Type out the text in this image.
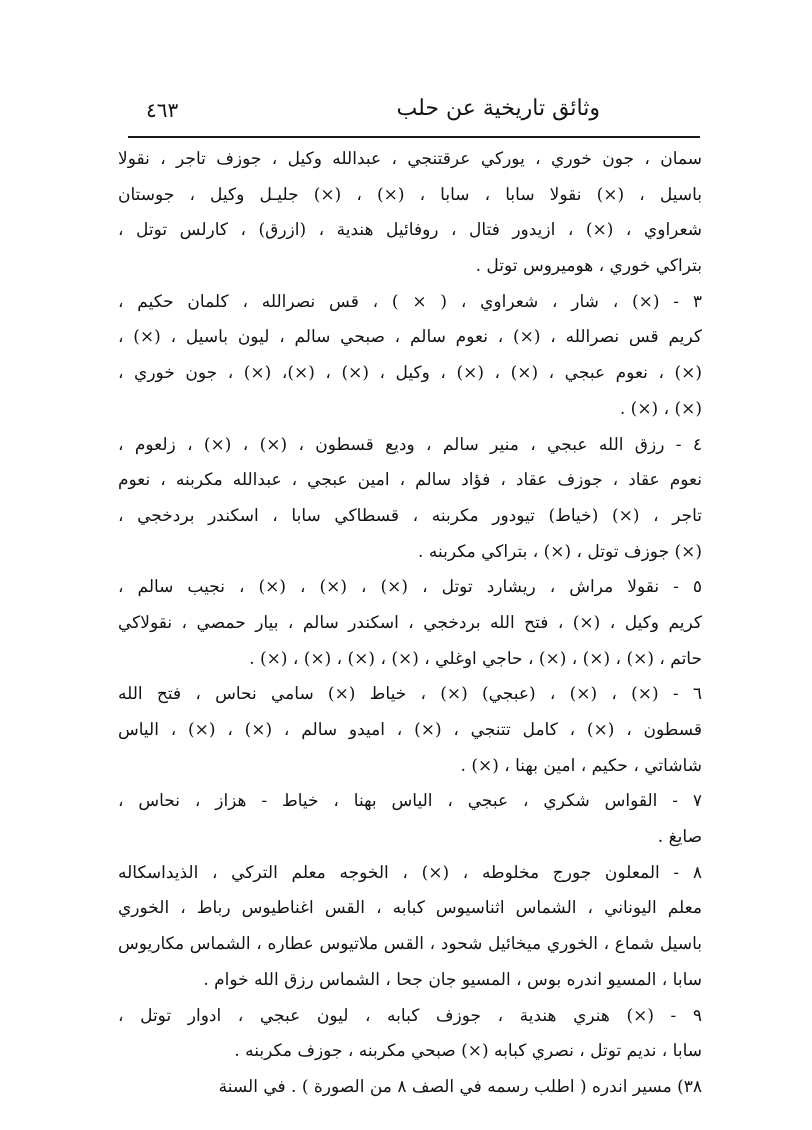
٤٦٣	وثائق تاريخية عن حلب
سمان ، جون خوري ، يوركي عرقتنجي ، عبدالله وكيل ، جوزف تاجر ، نقولا
باسيل ، (×) نقولا سابا ، سابا ، (×) ، (×) جليـل وكيل ، جوستان
شعراوي ، (×) ، ازيدور فتال ، روفائيل هندية ، (ازرق) ، كارلس توتل ،
بتراكي خوري ، هوميروس توتل .
٣ - (×) ، شار ، شعراوي ، ( × ) ، قس نصرالله ، كلمان حكيم ،
كريم قس نصرالله ، (×) ، نعوم سالم ، صبحي سالم ، ليون باسيل ، (×) ،
(×) ، نعوم عبجي ، (×) ، (×) ، وكيل ، (×) ، (×)، (×) ، جون خوري ،
(×) ، (×) .
٤ - رزق الله عبجي ، منير سالم ، وديع قسطون ، (×) ، (×) ، زلعوم ،
نعوم عقاد ، جوزف عقاد ، فؤاد سالم ، امين عبجي ، عبدالله مكربنه ، نعوم
تاجر ، (×) (خياط) تيودور مكربنه ، قسطاكي سابا ، اسكندر بردخجي ،
(×) جوزف توتل ، (×) ، بتراكي مكربنه .
٥ - نقولا مراش ، ريشارد توتل ، (×) ، (×) ، (×) ، نجيب سالم ،
كريم وكيل ، (×) ، فتح الله بردخجي ، اسكندر سالم ، بيار حمصي ، نقولاكي
حاتم ، (×) ، (×) ، (×) ، حاجي اوغلي ، (×) ، (×) ، (×) ، (×) .
٦ - (×) ، (×) ، (عبجي) (×) ، خياط (×) سامي نحاس ، فتح الله
قسطون ، (×) ، كامل تتنجي ، (×) ، اميدو سالم ، (×) ، (×) ، الياس
شاشاتي ، حكيم ، امين بهنا ، (×) .
٧ - القواس شكري ، عبجي ، الياس بهنا ، خياط - هزاز ، نحاس ،
صايغ .
٨ - المعلون جورج مخلوطه ، (×) ، الخوجه معلم التركي ، الذيداسكاله
معلم اليوناني ، الشماس اثناسيوس كبابه ، القس اغناطيوس رباط ، الخوري
باسيل شماع ، الخوري ميخائيل شحود ، القس ملاتيوس عطاره ، الشماس مكاريوس
سابا ، المسيو اندره بوس ، المسيو جان جحا ، الشماس رزق الله خوام .
٩ - (×) هنري هندية ، جوزف كبابه ، ليون عبجي ، ادوار توتل ،
سابا ، نديم توتل ، نصري كبابه (×) صبحي مكربنه ، جوزف مكربنه .
٣٨) مسير اندره ( اطلب رسمه في الصف ٨ من الصورة ) . في السنة
